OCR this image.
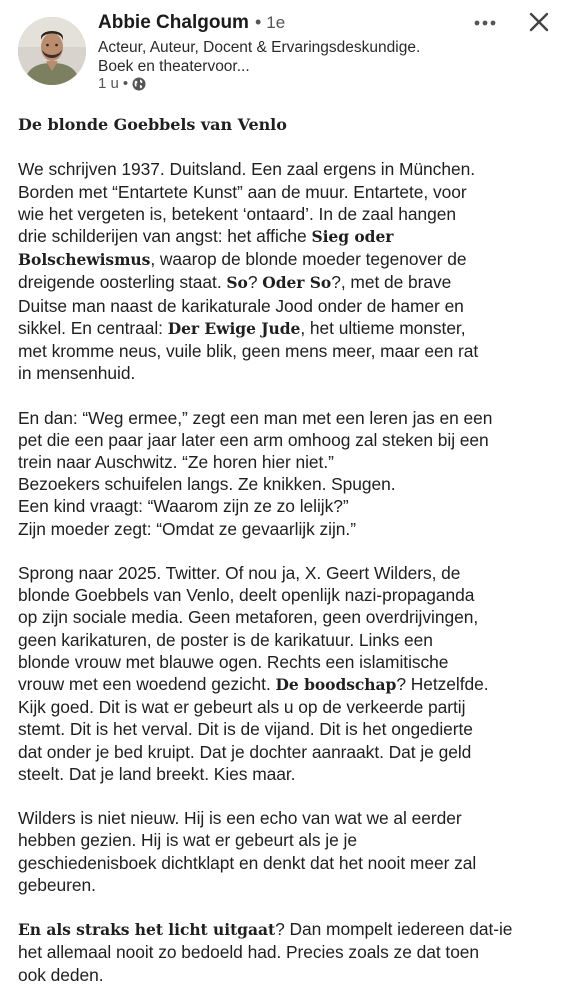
Abbie Chalgoum • 1e
Acteur, Auteur, Docent & Ervaringsdeskundige. Boek en theatervoor...
1 u •
De blonde Goebbels van Venlo

We schrijven 1937. Duitsland. Een zaal ergens in München.
Borden met “Entartete Kunst” aan de muur. Entartete, voor
wie het vergeten is, betekent ‘ontaard’. In de zaal hangen
drie schilderijen van angst: het affiche Sieg oder
Bolschewismus, waarop de blonde moeder tegenover de
dreigende oosterling staat. So? Oder So?, met de brave
Duitse man naast de karikaturale Jood onder de hamer en
sikkel. En centraal: Der Ewige Jude, het ultieme monster,
met kromme neus, vuile blik, geen mens meer, maar een rat
in mensenhuid.

En dan: “Weg ermee,” zegt een man met een leren jas en een
pet die een paar jaar later een arm omhoog zal steken bij een
trein naar Auschwitz. “Ze horen hier niet.”
Bezoekers schuifelen langs. Ze knikken. Spugen.
Een kind vraagt: “Waarom zijn ze zo lelijk?”
Zijn moeder zegt: “Omdat ze gevaarlijk zijn.”

Sprong naar 2025. Twitter. Of nou ja, X. Geert Wilders, de
blonde Goebbels van Venlo, deelt openlijk nazi-propaganda
op zijn sociale media. Geen metaforen, geen overdrijvingen,
geen karikaturen, de poster is de karikatuur. Links een
blonde vrouw met blauwe ogen. Rechts een islamitische
vrouw met een woedend gezicht. De boodschap? Hetzelfde.
Kijk goed. Dit is wat er gebeurt als u op de verkeerde partij
stemt. Dit is het verval. Dit is de vijand. Dit is het ongedierte
dat onder je bed kruipt. Dat je dochter aanraakt. Dat je geld
steelt. Dat je land breekt. Kies maar.

Wilders is niet nieuw. Hij is een echo van wat we al eerder
hebben gezien. Hij is wat er gebeurt als je je
geschiedenisboek dichtklapt en denkt dat het nooit meer zal
gebeuren.

En als straks het licht uitgaat? Dan mompelt iedereen dat-ie
het allemaal nooit zo bedoeld had. Precies zoals ze dat toen
ook deden.
